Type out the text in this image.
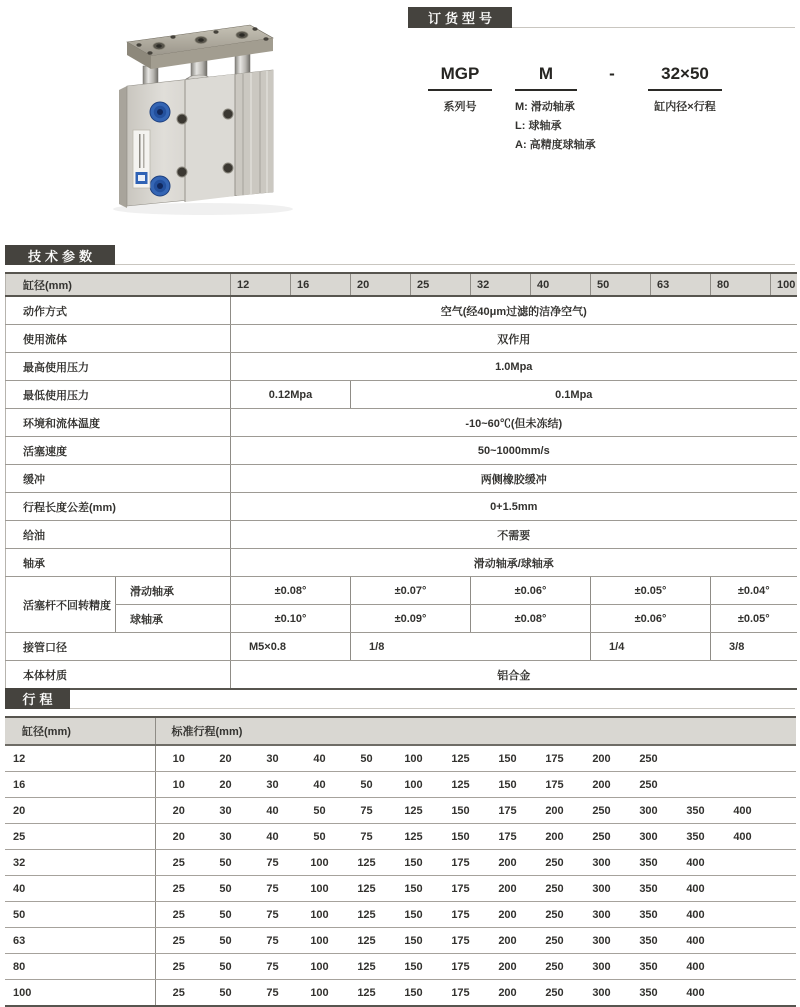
订货型号
MGP
系列号
M
M: 滑动轴承
L: 球轴承
A: 高精度球轴承
-	32×50
缸内径×行程
技术参数
缸径(mm)		12	16	20	25	32	40	50	63	80	100
动作方式		空气(经40μm过滤的洁净空气)									
使用流体		双作用									
最高使用压力		1.0Mpa									
最低使用压力		0.12Mpa		0.1Mpa							
环境和流体温度		-10~60℃(但未冻结)									
活塞速度		50~1000mm/s									
缓冲		两侧橡胶缓冲									
行程长度公差(mm)		0+1.5mm									
给油		不需要									
轴承		滑动轴承/球轴承									
活塞杆不回转精度	滑动轴承	±0.08°		±0.07°		±0.06°		±0.05°		±0.04°	
	球轴承	±0.10°		±0.09°		±0.08°		±0.06°		±0.05°	
接管口径		M5×0.8		1/8				1/4		3/8	
本体材质		铝合金									
行程
缸径(mm)	标准行程(mm)													
12	10	20	30	40	50	100	125	150	175	200	250			
16	10	20	30	40	50	100	125	150	175	200	250			
20	20	30	40	50	75	125	150	175	200	250	300	350	400	
25	20	30	40	50	75	125	150	175	200	250	300	350	400	
32	25	50	75	100	125	150	175	200	250	300	350	400		
40	25	50	75	100	125	150	175	200	250	300	350	400		
50	25	50	75	100	125	150	175	200	250	300	350	400		
63	25	50	75	100	125	150	175	200	250	300	350	400		
80	25	50	75	100	125	150	175	200	250	300	350	400		
100	25	50	75	100	125	150	175	200	250	300	350	400		
